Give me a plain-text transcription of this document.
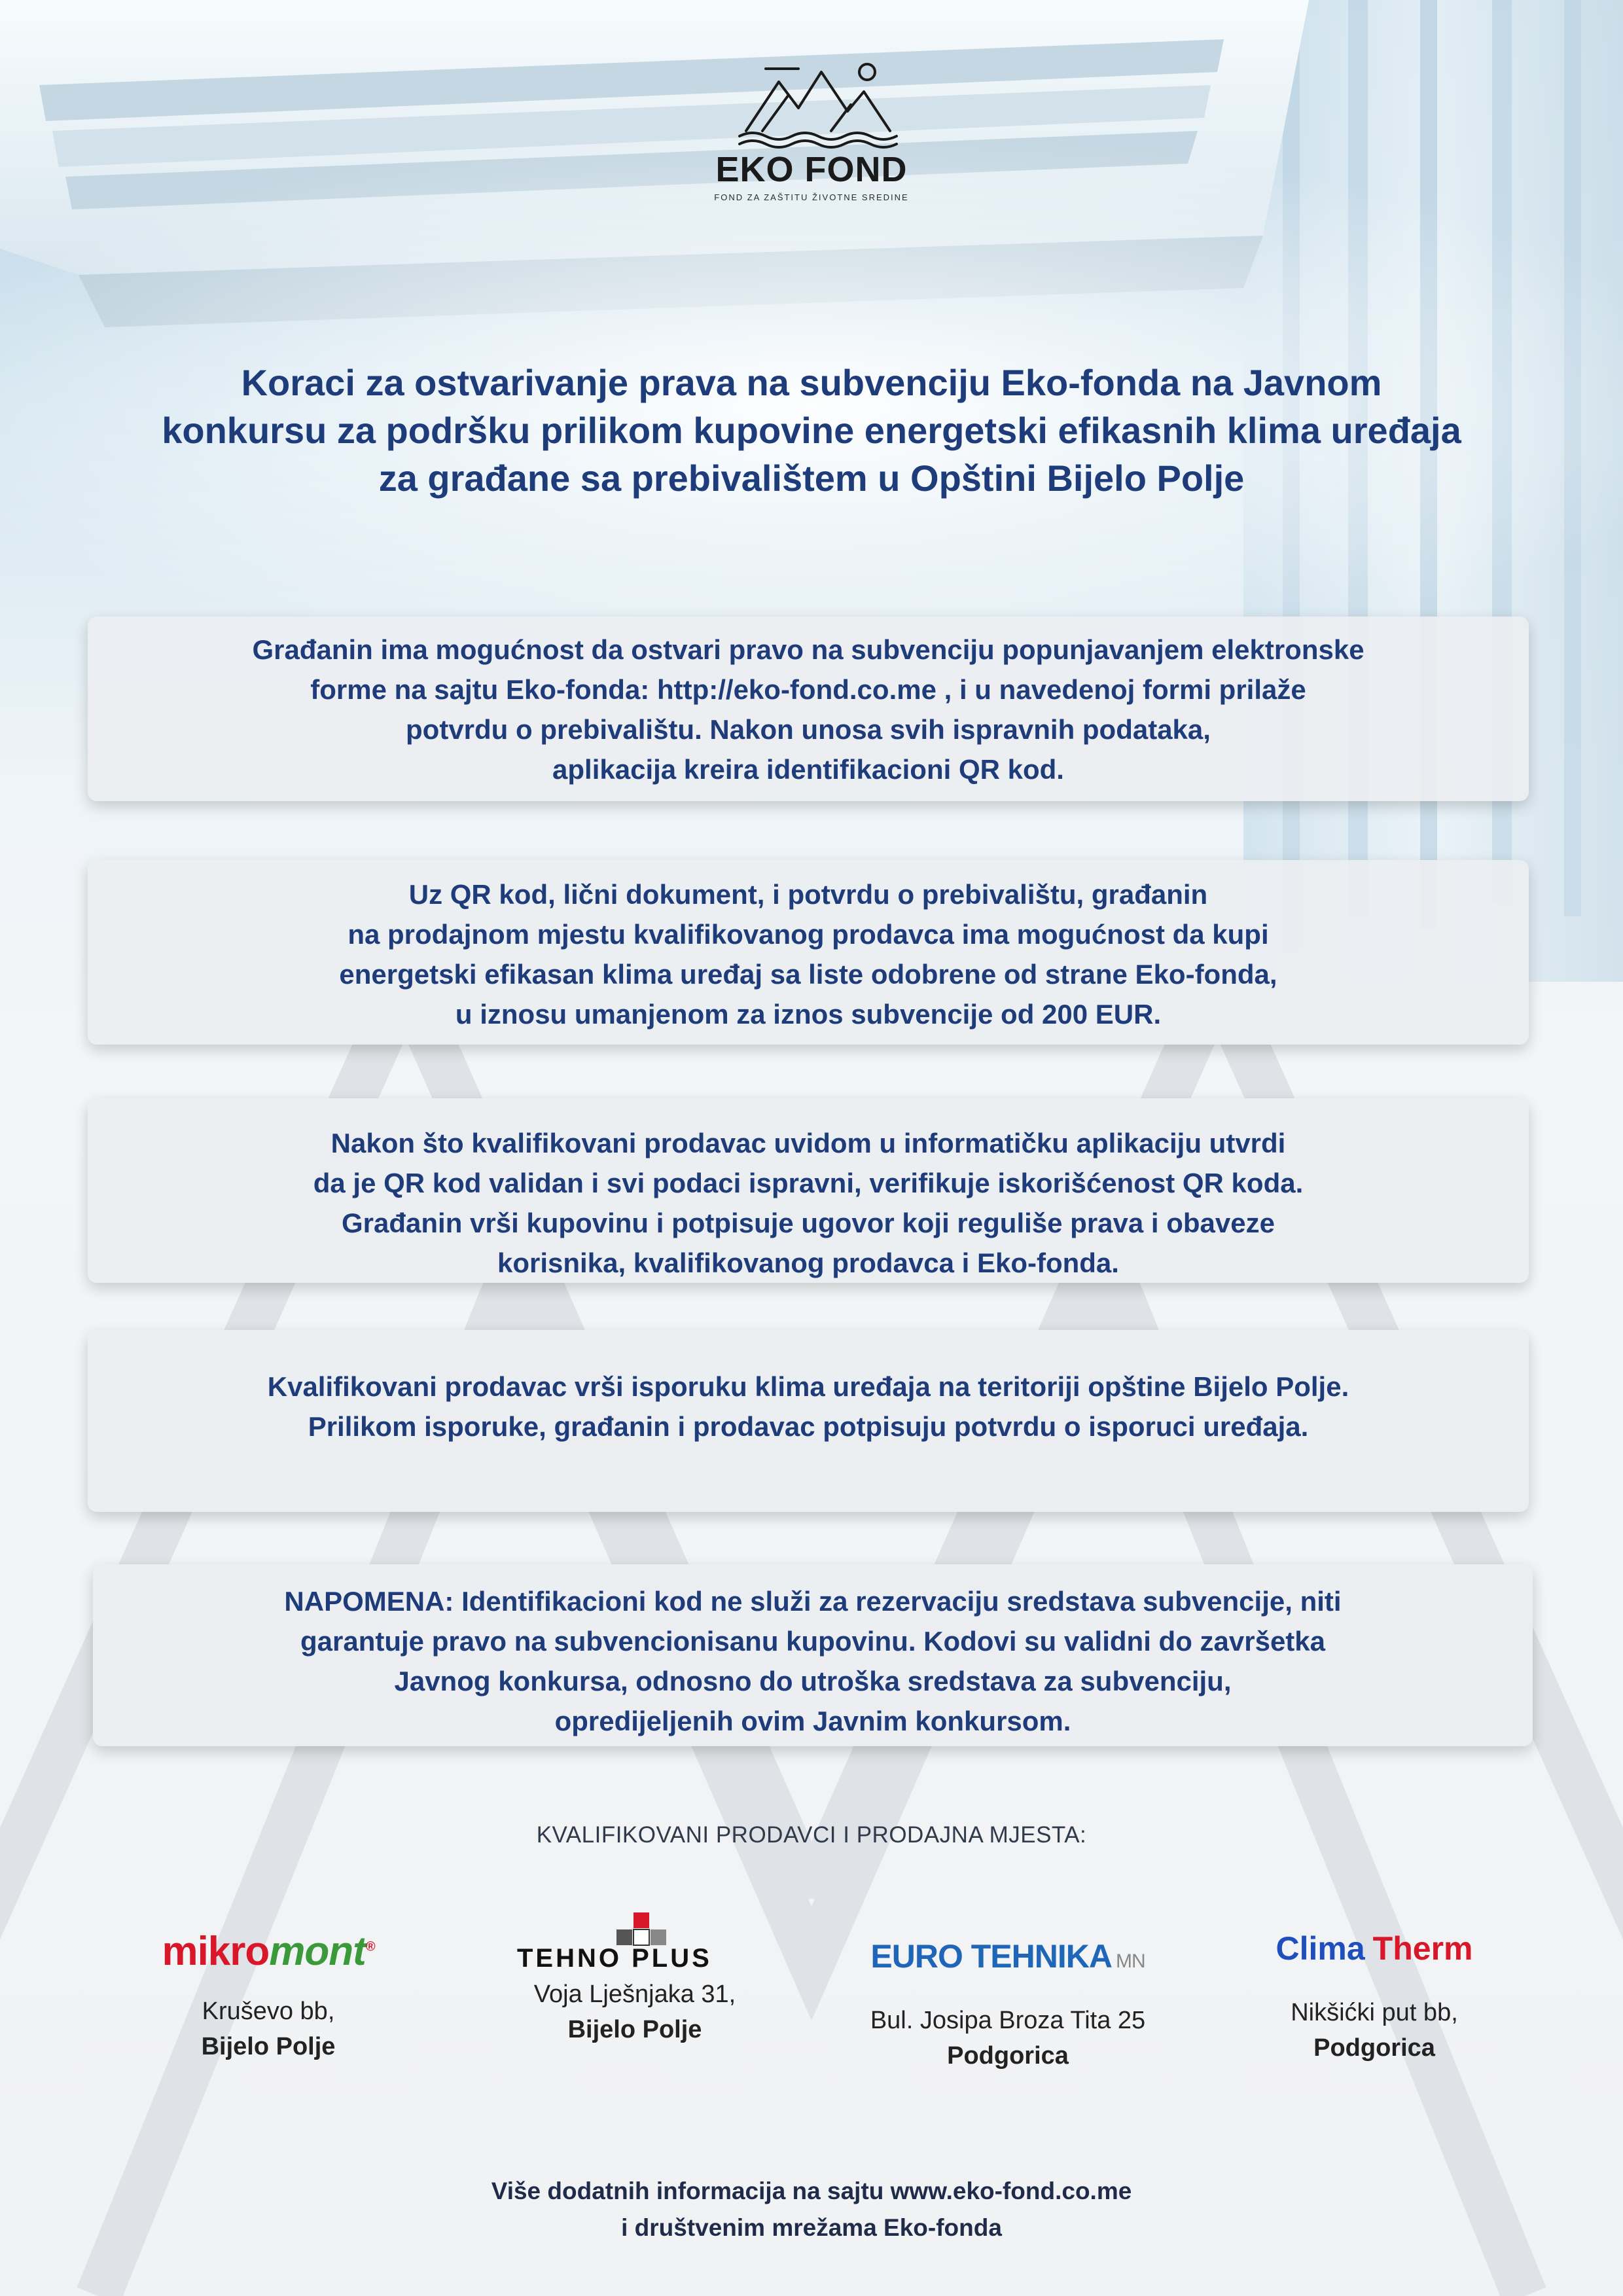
EKO FOND
FOND ZA ZAŠTITU ŽIVOTNE SREDINE
Koraci za ostvarivanje prava na subvenciju Eko-fonda na Javnom
konkursu za podršku prilikom kupovine energetski efikasnih klima uređaja
za građane sa prebivalištem u Opštini Bijelo Polje

Građanin ima mogućnost da ostvari pravo na subvenciju popunjavanjem elektronske
forme na sajtu Eko-fonda: http://eko-fond.co.me , i u navedenoj formi prilaže
potvrdu o prebivalištu. Nakon unosa svih ispravnih podataka,
aplikacija kreira identifikacioni QR kod.

Uz QR kod, lični dokument, i potvrdu o prebivalištu, građanin
na prodajnom mjestu kvalifikovanog prodavca ima mogućnost da kupi
energetski efikasan klima uređaj sa liste odobrene od strane Eko-fonda,
u iznosu umanjenom za iznos subvencije od 200 EUR.

Nakon što kvalifikovani prodavac uvidom u informatičku aplikaciju utvrdi
da je QR kod validan i svi podaci ispravni, verifikuje iskorišćenost QR koda.
Građanin vrši kupovinu i potpisuje ugovor koji reguliše prava i obaveze
korisnika, kvalifikovanog prodavca i Eko-fonda.

Kvalifikovani prodavac vrši isporuku klima uređaja na teritoriji opštine Bijelo Polje.
Prilikom isporuke, građanin i prodavac potpisuju potvrdu o isporuci uređaja.

NAPOMENA: Identifikacioni kod ne služi za rezervaciju sredstava subvencije, niti
garantuje pravo na subvencionisanu kupovinu. Kodovi su validni do završetka
Javnog konkursa, odnosno do utroška sredstava za subvenciju,
opredijeljenih ovim Javnim konkursom.

KVALIFIKOVANI PRODAVCI I PRODAJNA MJESTA:
mikromont®
Kruševo bb,
Bijelo Polje
TEHNO PLUS
Voja Lješnjaka 31,
Bijelo Polje
EURO TEHNIKA MN
Bul. Josipa Broza Tita 25
Podgorica
Clima Therm
Nikšićki put bb,
Podgorica

Više dodatnih informacija na sajtu www.eko-fond.co.me
i društvenim mrežama Eko-fonda
